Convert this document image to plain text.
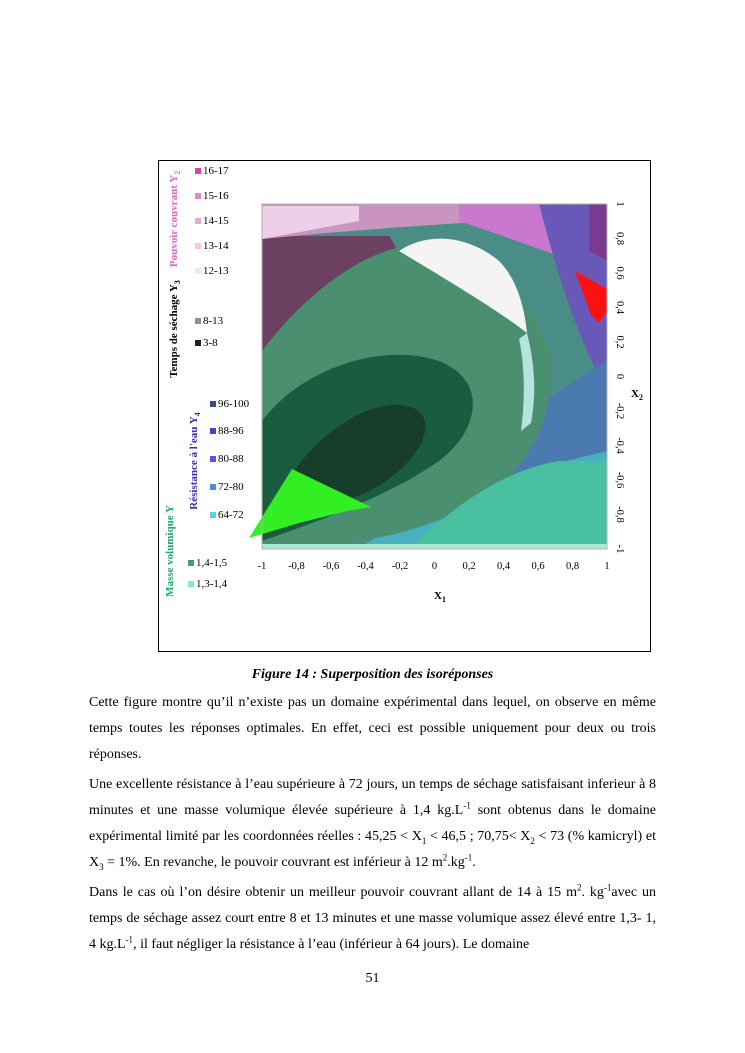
Pouvoir couvrant $Y_2$ 16-17
15-16
14-15
13-14
12-13
Temps de séchage $Y_3$
8-13
3-8
Résistance à l'eau $Y_4$
96-100
88-96
80-88
72-80
64-72
Masse volumique Y 1,4-1,5
1,3-1,4
-1 -0,8 -0,6 -0,4 -0,2 0 0,2 0,4 0,6 0,8 1
$X_1$
1
0,8
0,6
0,4
0,2
0
-0,2
-0,4
-0,6
-0,8
-1
$X_2$
Figure 14 : Superposition des isoréponses

Cette figure montre qu’il n’existe pas un domaine expérimental dans lequel, on observe en même temps toutes les réponses optimales. En effet, ceci est possible uniquement pour deux ou trois réponses.

Une excellente résistance à l’eau supérieure à 72 jours, un temps de séchage satisfaisant inferieur à 8 minutes et une masse volumique élevée supérieure à 1,4 $kg.L^{-1}$ sont obtenus dans le domaine expérimental limité par les coordonnées réelles : $45,25 < X_1 < 46,5$ ; $70,75< X_2 < 73$ (% kamicryl) et $X_3 = 1\%$. En revanche, le pouvoir couvrant est inférieur à 12 $m^2.kg^{-1}$.

Dans le cas où l’on désire obtenir un meilleur pouvoir couvrant allant de 14 à 15 $m^2$. $kg^{-1}avec$ un temps de séchage assez court entre 8 et 13 minutes et une masse volumique assez élevé entre 1,3- 1, 4 $kg.L^{-1}$, il faut négliger la résistance à l’eau (inférieur à 64 jours). Le domaine

51
